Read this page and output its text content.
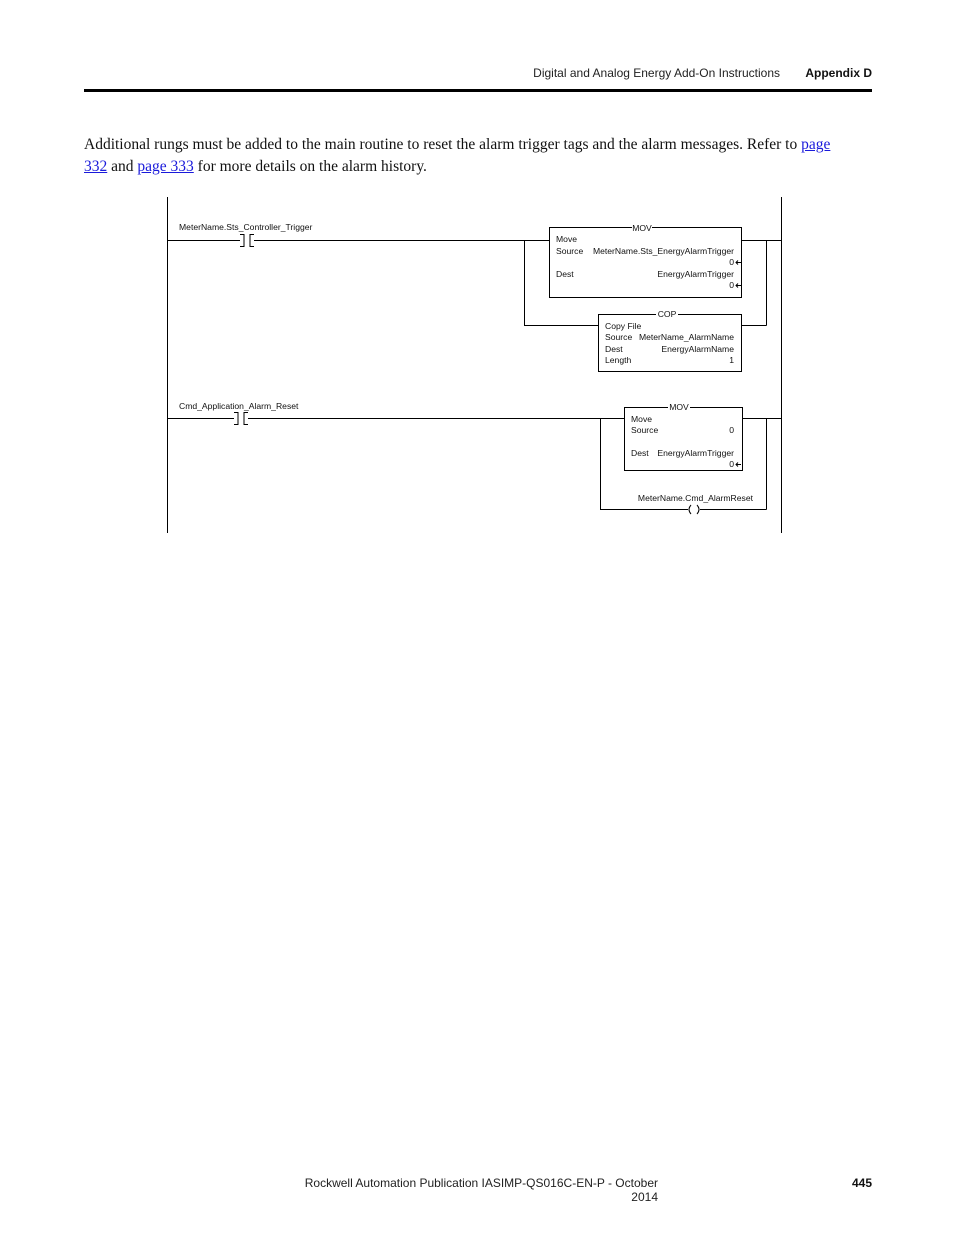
Digital and Analog Energy Add-On Instructions	Appendix D
Additional rungs must be added to the main routine to reset the alarm trigger tags and the alarm messages. Refer to page 332 and page 333 for more details on the alarm history.
MeterName.Sts_Controller_Trigger	MOV
Move
Source MeterName.Sts_EnergyAlarmTrigger
0
Dest	EnergyAlarmTrigger
0
COP
Copy File
Source MeterName_AlarmName
Dest	EnergyAlarmName
Length	1
Cmd_Application_Alarm_Reset	MOV
Move
Source	0
Dest EnergyAlarmTrigger
0
MeterName.Cmd_AlarmReset
Rockwell Automation Publication IASIMP-QS016C-EN-P - October 2014
445
